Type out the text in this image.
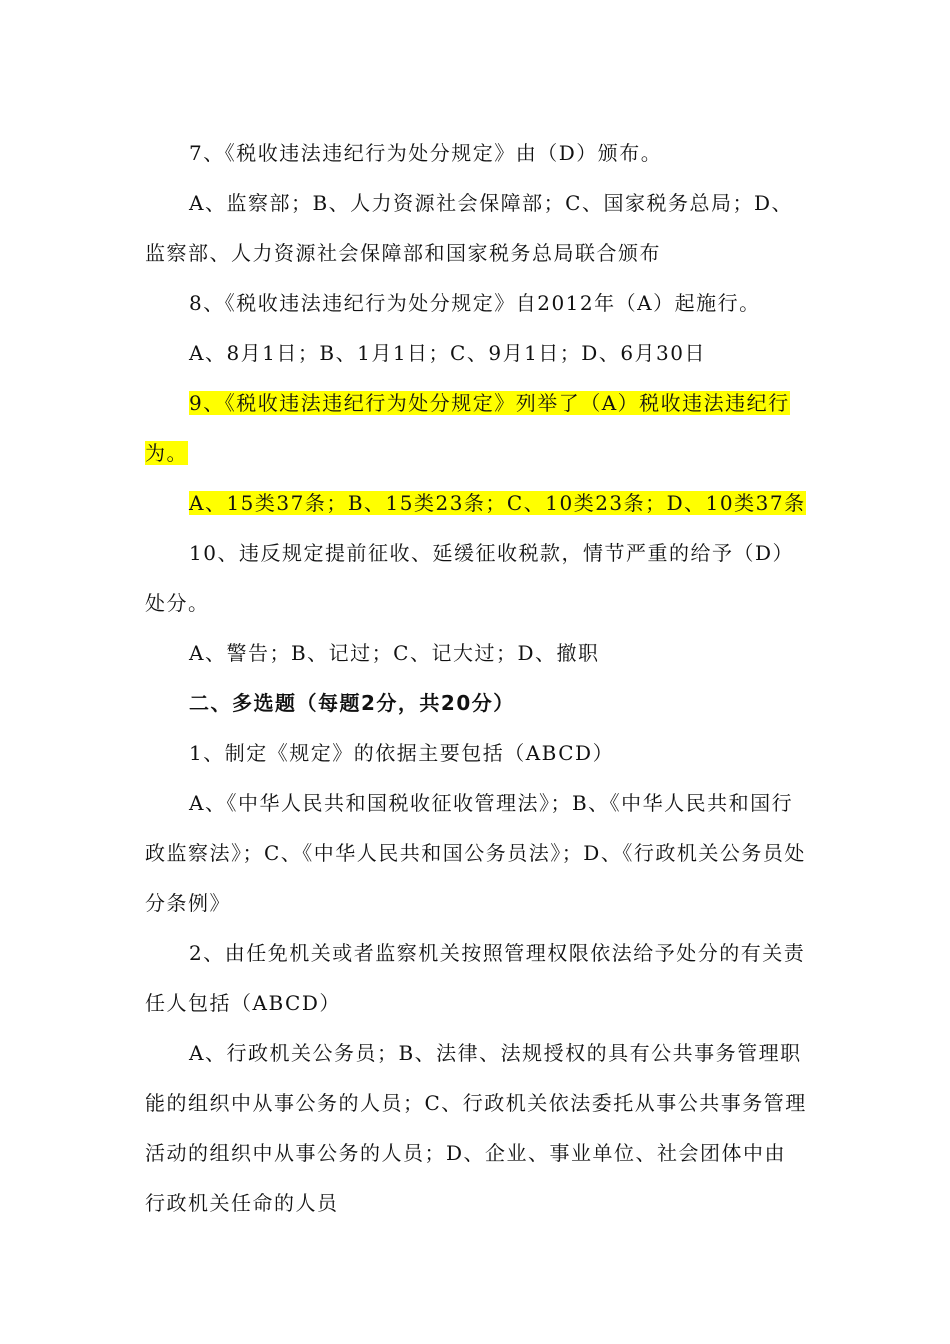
7、《税收违法违纪行为处分规定》由（D）颁布。

A、监察部；B、人力资源社会保障部；C、国家税务总局；D、监察部、人力资源社会保障部和国家税务总局联合颁布

8、《税收违法违纪行为处分规定》自2012年（A）起施行。

A、8月1日；B、1月1日；C、9月1日；D、6月30日

9、《税收违法违纪行为处分规定》列举了（A）税收违法违纪行为。

A、15类37条；B、15类23条；C、10类23条；D、10类37条

10、违反规定提前征收、延缓征收税款，情节严重的给予（D）处分。

A、警告；B、记过；C、记大过；D、撤职

二、多选题（每题2分，共20分）

1、制定《规定》的依据主要包括（ABCD）

A、《中华人民共和国税收征收管理法》；B、《中华人民共和国行政监察法》；C、《中华人民共和国公务员法》；D、《行政机关公务员处分条例》

2、由任免机关或者监察机关按照管理权限依法给予处分的有关责任人包括（ABCD）

A、行政机关公务员；B、法律、法规授权的具有公共事务管理职能的组织中从事公务的人员；C、行政机关依法委托从事公共事务管理活动的组织中从事公务的人员；D、企业、事业单位、社会团体中由行政机关任命的人员
